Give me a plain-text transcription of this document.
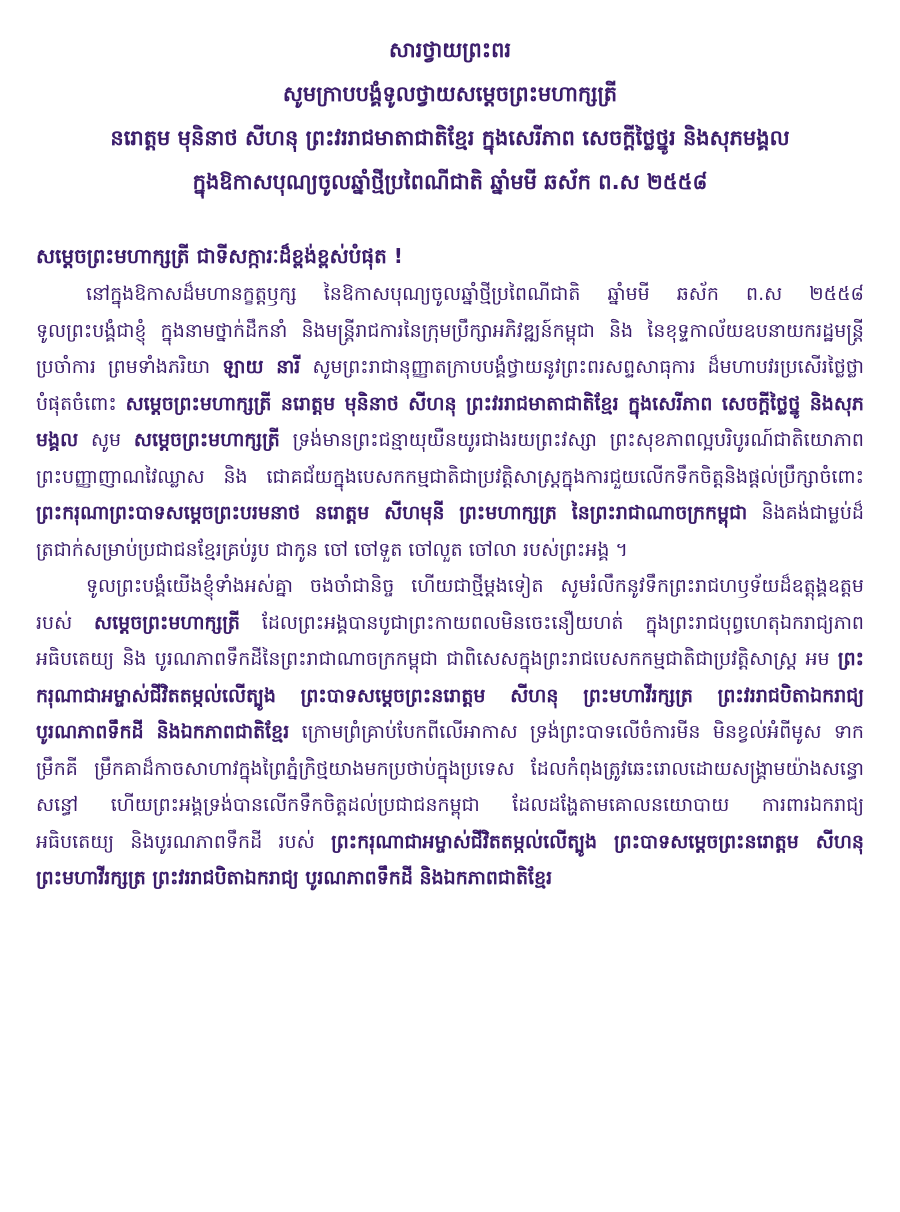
សារថ្វាយព្រះពរ

សូមក្រាបបង្គំទូលថ្វាយសម្ដេចព្រះមហាក្សត្រី

នរោត្តម មុនិនាថ សីហនុ ព្រះវររាជមាតាជាតិខ្មែរ ក្នុងសេរីភាព សេចក្ដីថ្លៃថ្នូរ និងសុភមង្គល

ក្នុងឱកាសបុណ្យចូលឆ្នាំថ្មីប្រពៃណីជាតិ ឆ្នាំមមី ឆស័ក ព.ស ២៥៥៨

សម្ដេចព្រះមហាក្សត្រី ជាទីសក្ការៈដ៏ខ្ពង់ខ្ពស់បំផុត !

នៅក្នុងឱកាសដ៏មហានក្ខត្តឫក្ស នៃឱកាសបុណ្យចូលឆ្នាំថ្មីប្រពៃណីជាតិ ឆ្នាំមមី ឆស័ក ព.ស ២៥៥៨ ទូលព្រះបង្គំជាខ្ញុំ ក្នុងនាមថ្នាក់ដឹកនាំ និងមន្ត្រីរាជការនៃក្រុមប្រឹក្សាអភិវឌ្ឍន៍កម្ពុជា និង នៃខុទ្ទកាល័យឧបនាយករដ្ឋមន្ត្រីប្រចាំការ ព្រមទាំងភរិយា ឡាយ នារី សូមព្រះរាជានុញ្ញាតក្រាបបង្គំថ្វាយនូវព្រះពរសព្ទសាធុការ ដ៏មហាបវរប្រសើរថ្លៃថ្លាបំផុតចំពោះ សម្ដេចព្រះមហាក្សត្រី នរោត្តម មុនិនាថ សីហនុ ព្រះវររាជមាតាជាតិខ្មែរ ក្នុងសេរីភាព សេចក្ដីថ្លៃថ្នូ និងសុភមង្គល សូម សម្ដេចព្រះមហាក្សត្រី ទ្រង់មានព្រះជន្មាយុយឺនយូរជាងរយព្រះវស្សា ព្រះសុខភាពល្អបរិបូរណ៍ជាតិយោភាព ព្រះបញ្ញាញាណវៃឈ្លាស និង ជោគជ័យក្នុងបេសកកម្មជាតិជាប្រវត្តិសាស្ត្រក្នុងការជួយលើកទឹកចិត្តនិងផ្ដល់ប្រឹក្សាចំពោះ ព្រះករុណាព្រះបាទសម្ដេចព្រះបរមនាថ នរោត្តម សីហមុនី ព្រះមហាក្សត្រ នៃព្រះរាជាណាចក្រកម្ពុជា និងគង់ជាម្លប់ដ៏ត្រជាក់សម្រាប់ប្រជាជនខ្មែរគ្រប់រូប ជាកូន ចៅ ចៅទួត ចៅលួត ចៅលា របស់ព្រះអង្គ ។

ទូលព្រះបង្គំយើងខ្ញុំទាំងអស់គ្នា ចងចាំជានិច្ច ហើយជាថ្មីម្ដងទៀត សូមរំលឹកនូវទឹកព្រះរាជហឫទ័យដ៏ឧត្ដុង្គឧត្ដមរបស់ សម្ដេចព្រះមហាក្សត្រី ដែលព្រះអង្គបានបូជាព្រះកាយពលមិនចេះនឿយហត់ ក្នុងព្រះរាជបុព្វហេតុឯករាជ្យភាព អធិបតេយ្យ និង បូរណភាពទឹកដីនៃព្រះរាជាណាចក្រកម្ពុជា ជាពិសេសក្នុងព្រះរាជបេសកកម្មជាតិជាប្រវត្តិសាស្ត្រ អម ព្រះករុណាជាអម្ចាស់ជីវិតតម្កល់លើត្បូង ព្រះបាទសម្ដេចព្រះនរោត្តម សីហនុ ព្រះមហាវីរក្សត្រ ព្រះវររាជបិតាឯករាជ្យ បូរណភាពទឹកដី និងឯកភាពជាតិខ្មែរ ក្រោមព្រំគ្រាប់បែកពីលើអាកាស ទ្រង់ព្រះបាទលើចំការមីន មិនខ្វល់អំពីមូស ទាក ម្រឹកគី ម្រឹកគាដ៏កាចសាហាវក្នុងព្រៃភ្នំក្រិថ្មយាងមកប្រថាប់ក្នុងប្រទេស ដែលកំពុងត្រូវឆេះរោលដោយសង្គ្រាមយ៉ាងសន្ធោសន្ធៅ ហើយព្រះអង្គទ្រង់បានលើកទឹកចិត្តដល់ប្រជាជនកម្ពុជា ដែលដង្ហែតាមគោលនយោបាយ ការពារឯករាជ្យ អធិបតេយ្យ និងបូរណភាពទឹកដី របស់ ព្រះករុណាជាអម្ចាស់ជីវិតតម្កល់លើត្បូង ព្រះបាទសម្ដេចព្រះនរោត្តម សីហនុ ព្រះមហាវីរក្សត្រ ព្រះវររាជបិតាឯករាជ្យ បូរណភាពទឹកដី និងឯកភាពជាតិខ្មែរ
